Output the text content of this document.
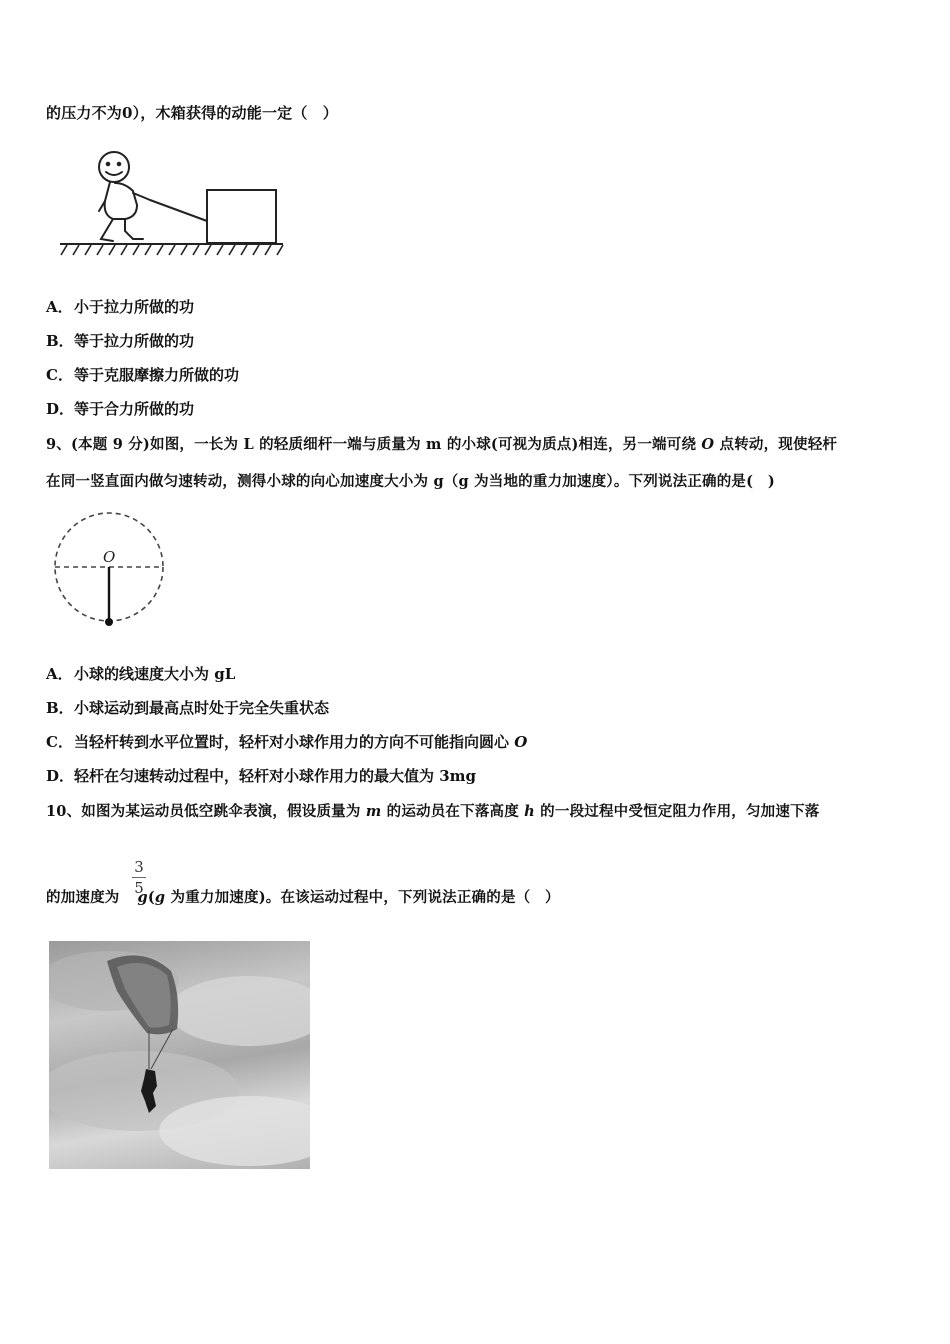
的压力不为0），木箱获得的动能一定（　）
A．小于拉力所做的功
B．等于拉力所做的功
C．等于克服摩擦力所做的功
D．等于合力所做的功
9、(本题 9 分)如图，一长为 L 的轻质细杆一端与质量为 m 的小球(可视为质点)相连，另一端可绕 O 点转动，现使轻杆
在同一竖直面内做匀速转动，测得小球的向心加速度大小为 g（g 为当地的重力加速度）。下列说法正确的是(　)
O
A．小球的线速度大小为 gL
B．小球运动到最高点时处于完全失重状态
C．当轻杆转到水平位置时，轻杆对小球作用力的方向不可能指向圆心 O
D．轻杆在匀速转动过程中，轻杆对小球作用力的最大值为 3mg
10、如图为某运动员低空跳伞表演，假设质量为 m 的运动员在下落高度 h 的一段过程中受恒定阻力作用，匀加速下落
的加速度为 g(g 为重力加速度)。在该运动过程中，下列说法正确的是（　）
3
5
